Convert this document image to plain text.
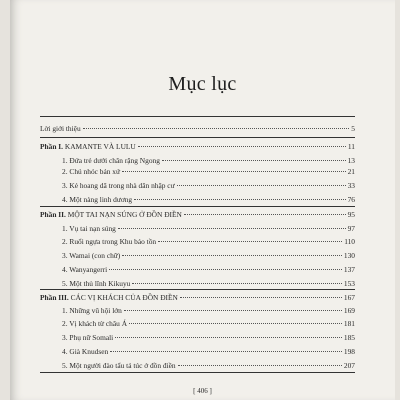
Mục lục
Lời giới thiệu	5
Phần I. KAMANTE VÀ LULU	11
1. Đứa trẻ dưới chân rặng Ngong	13
2. Chú nhóc bản xứ	21
3. Kẻ hoang dã trong nhà dân nhập cư	33
4. Một nàng linh dương	76
Phần II. MỘT TAI NẠN SÚNG Ở ĐỒN ĐIỀN	95
1. Vụ tai nạn súng	97
2. Ruổi ngựa trong Khu bảo tồn	110
3. Wamai (con chữ)	130
4. Wanyangerri	137
5. Một thủ lĩnh Kikuyu	153
Phần III. CÁC VỊ KHÁCH CỦA ĐỒN ĐIỀN	167
1. Những vũ hội lớn	169
2. Vị khách từ châu Á	181
3. Phụ nữ Somali	185
4. Già Knudsen	198
5. Một người đào tẩu tá túc ở đồn điền	207
[ 406 ]
